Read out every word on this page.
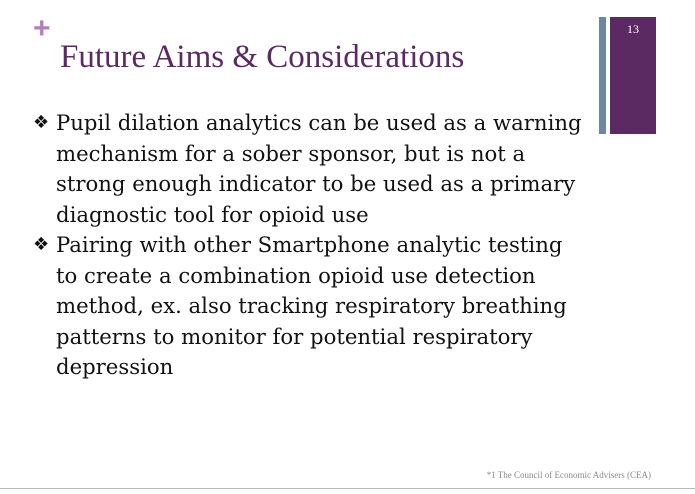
+
Future Aims & Considerations
13
❖ Pupil dilation analytics can be used as a warning mechanism for a sober sponsor, but is not a strong enough indicator to be used as a primary diagnostic tool for opioid use
❖ Pairing with other Smartphone analytic testing to create a combination opioid use detection method, ex. also tracking respiratory breathing patterns to monitor for potential respiratory depression
*1 The Council of Economic Advisers (CEA)
